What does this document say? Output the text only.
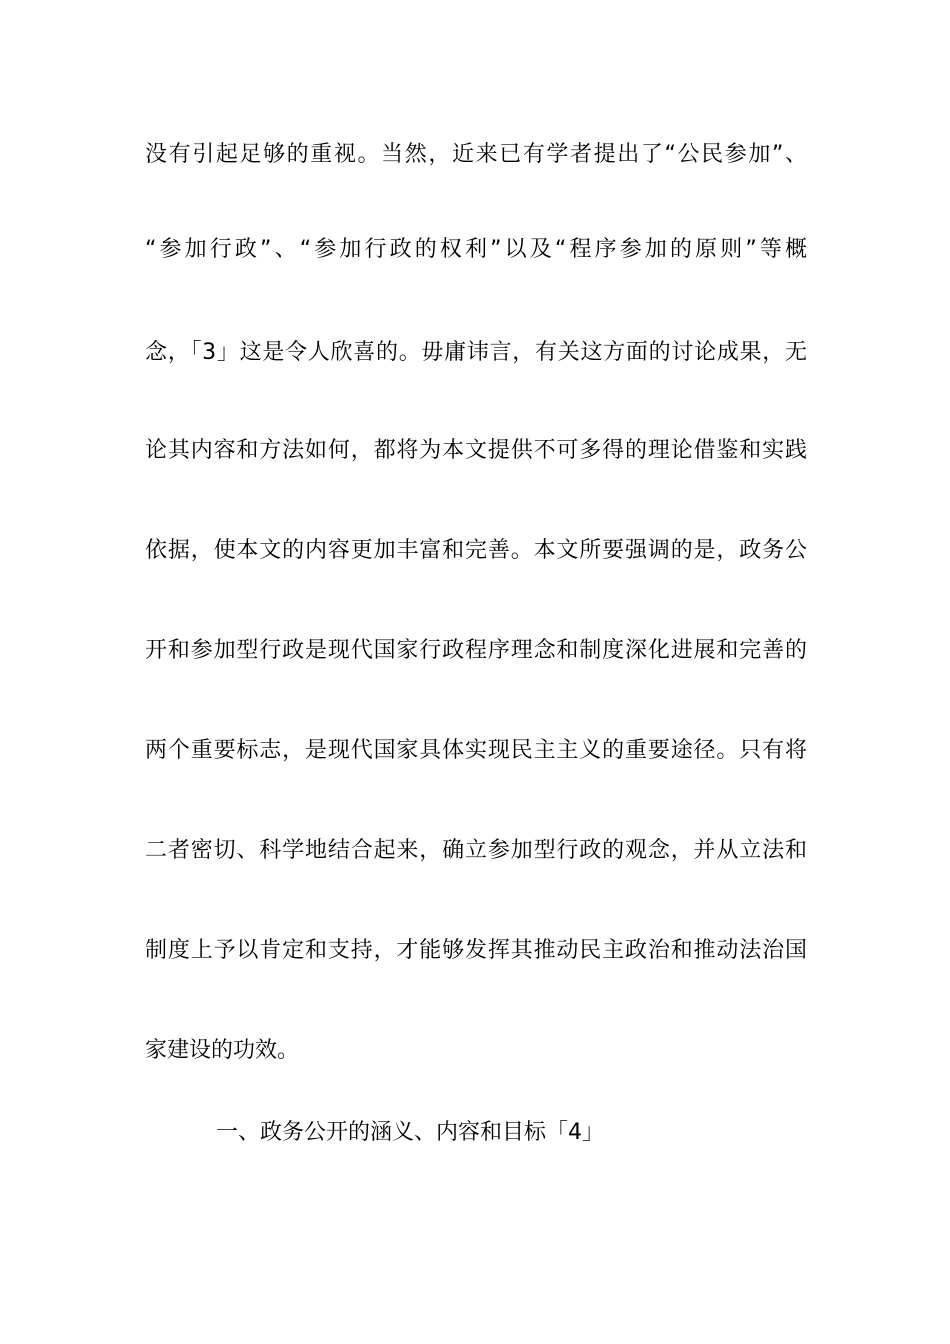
没有引起足够的重视。当然，近来已有学者提出了“公民参加”、
“参加行政”、“参加行政的权利”以及“程序参加的原则”等概
念，「3」这是令人欣喜的。毋庸讳言，有关这方面的讨论成果，无
论其内容和方法如何，都将为本文提供不可多得的理论借鉴和实践
依据，使本文的内容更加丰富和完善。本文所要强调的是，政务公
开和参加型行政是现代国家行政程序理念和制度深化进展和完善的
两个重要标志，是现代国家具体实现民主主义的重要途径。只有将
二者密切、科学地结合起来，确立参加型行政的观念，并从立法和
制度上予以肯定和支持，才能够发挥其推动民主政治和推动法治国
家建设的功效。
一、政务公开的涵义、内容和目标「4」
